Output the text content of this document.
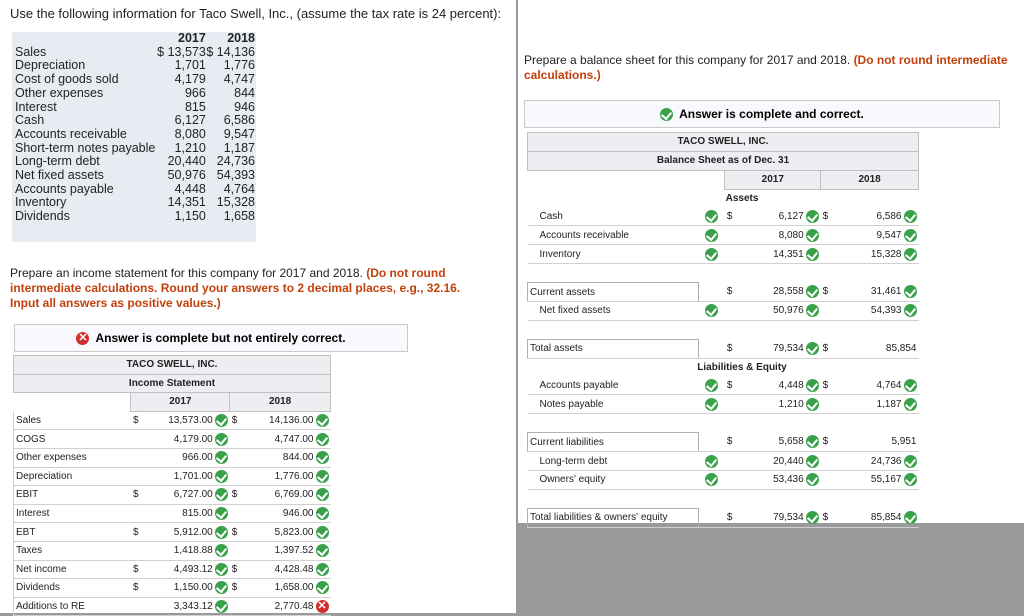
Use the following information for Taco Swell, Inc., (assume the tax rate is 24 percent):
	2017	2018
Sales	$ 13,573	$ 14,136
Depreciation	1,701	1,776
Cost of goods sold	4,179	4,747
Other expenses	966	844
Interest	815	946
Cash	6,127	6,586
Accounts receivable	8,080	9,547
Short-term notes payable	1,210	1,187
Long-term debt	20,440	24,736
Net fixed assets	50,976	54,393
Accounts payable	4,448	4,764
Inventory	14,351	15,328
Dividends	1,150	1,658
Prepare an income statement for this company for 2017 and 2018. (Do not round intermediate calculations. Round your answers to 2 decimal places, e.g., 32.16. Input all answers as positive values.)
✕ Answer is complete but not entirely correct.
TACO SWELL, INC.				
Income Statement				
	2017		2018	
Sales	$	13,573.00	$	14,136.00

COGS		4,179.00		4,747.00

Other expenses		966.00		844.00

Depreciation		1,701.00		1,776.00

EBIT	$	6,727.00	$	6,769.00

Interest		815.00		946.00

EBT	$	5,912.00	$	5,823.00

Taxes		1,418.88		1,397.52

Net income	$	4,493.12	$	4,428.48

Dividends	$	1,150.00	$	1,658.00

Additions to RE		3,343.12		2,770.48 ✕
Prepare a balance sheet for this company for 2017 and 2018. (Do not round intermediate calculations.)
Answer is complete and correct.
TACO SWELL, INC.					
Balance Sheet as of Dec. 31					
		2017		2018	
Assets					
Cash		$	6,127	$	6,586

Accounts receivable			8,080		9,547

Inventory			14,351		15,328

Current assets		$	28,558	$	31,461

Net fixed assets			50,976		54,393

Total assets		$	79,534	$	85,854

Liabilities & Equity					
Accounts payable		$	4,448	$	4,764

Notes payable			1,210		1,187

Current liabilities		$	5,658	$	5,951

Long-term debt			20,440		24,736

Owners' equity			53,436		55,167

Total liabilities & owners' equity		$	79,534	$	85,854
